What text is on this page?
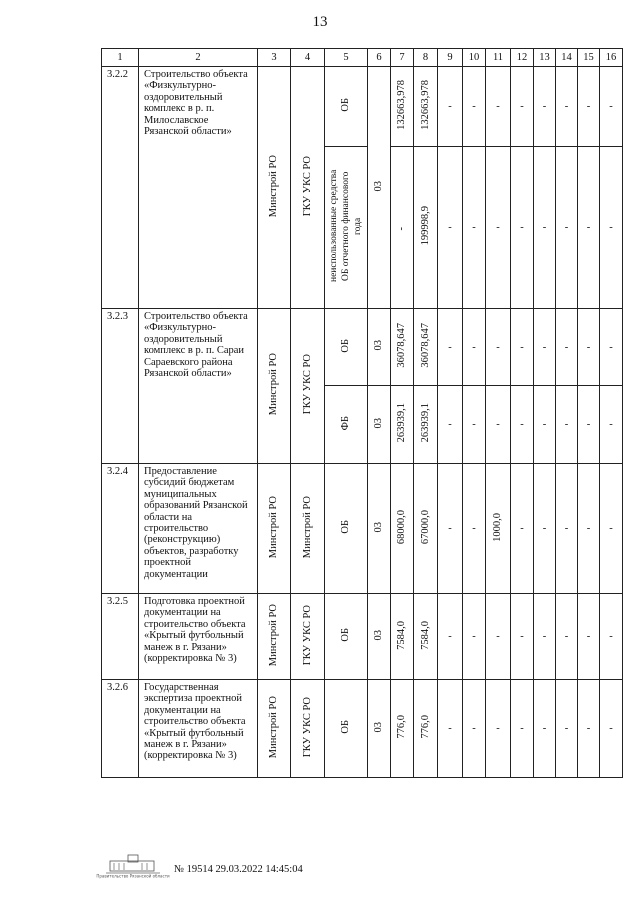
13
1	2	3	4	5	6	7	8	9	10	11	12	13	14	15	16
3.2.2	Строительство объекта «Физкультурно-оздоровительный комплекс в р. п. Милославское Рязанской области»	Минстрой РО	ГКУ УКС РО	ОБ	03	132663,978	132663,978	-	-	-	-	-	-	-	-
				неиспользованные средства ОБ отчетного финансового года		-	199998,9	-	-	-	-	-	-	-	-
3.2.3	Строительство объекта «Физкультурно-оздоровительный комплекс в р. п. Сараи Сараевского района Рязанской области»	Минстрой РО	ГКУ УКС РО	ОБ	03	36078,647	36078,647	-	-	-	-	-	-	-	-
				ФБ	03	263939,1	263939,1	-	-	-	-	-	-	-	-
3.2.4	Предоставление субсидий бюджетам муниципальных образований Рязанской области на строительство (реконструкцию) объектов, разработку проектной документации	Минстрой РО	Минстрой РО	ОБ	03	68000,0	67000,0	-	-	1000,0	-	-	-	-	-
3.2.5	Подготовка проектной документации на строительство объекта «Крытый футбольный манеж в г. Рязани» (корректировка № 3)	Минстрой РО	ГКУ УКС РО	ОБ	03	7584,0	7584,0	-	-	-	-	-	-	-	-
3.2.6	Государственная экспертиза проектной документации на строительство объекта «Крытый футбольный манеж в г. Рязани» (корректировка № 3)	Минстрой РО	ГКУ УКС РО	ОБ	03	776,0	776,0	-	-	-	-	-	-	-	-
Правительство Рязанской области
№ 19514 29.03.2022 14:45:04
